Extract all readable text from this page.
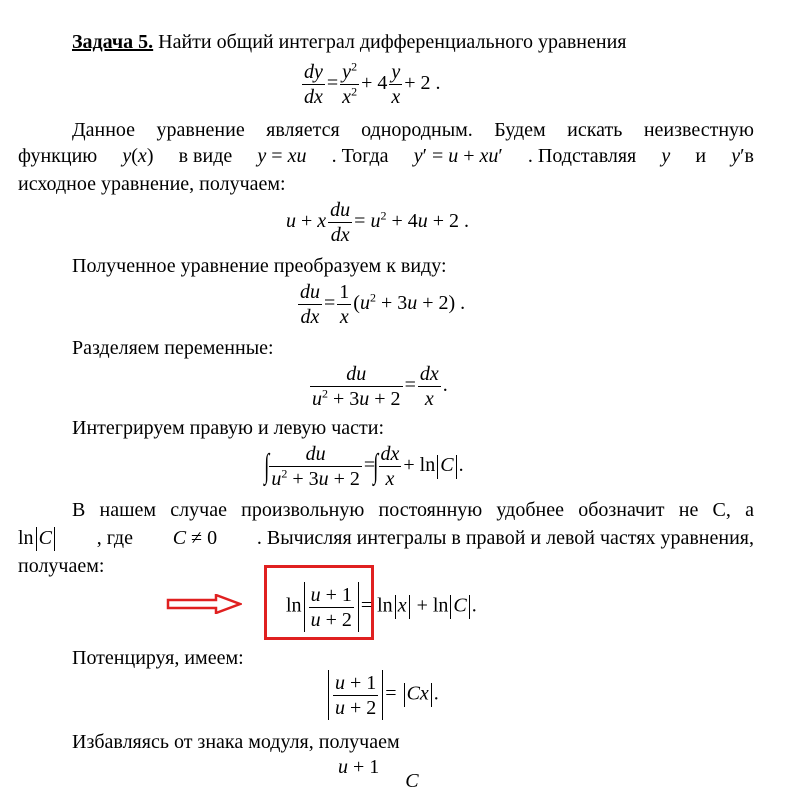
Задача 5. Найти общий интеграл дифференциального уравнения
$\frac{dy}{dx} = \frac{y^2}{x^2} + 4 \frac{y}{x} + 2$ .
Данное уравнение является однородным. Будем искать неизвестную
функцию y(x) в виде y = xu . Тогда y′ = u + xu′ . Подставляя y и y′в
исходное уравнение, получаем:
u + x $\frac{du}{dx} = u^2 + 4u + 2$ .
Полученное уравнение преобразуем к виду:
$\frac{du}{dx} = \frac{1}{x} (u^2 + 3u + 2)$ .
Разделяем переменные:
$\frac{du}{u^2 + 3u + 2} = \frac{dx}{x}$ .
Интегрируем правую и левую части:
∫ $\frac{du}{u^2 + 3u + 2}$ =∫ $\frac{dx}{x} + \ln C$ .
В нашем случае произвольную постоянную удобнее обозначит не С, а
ln C , где C ≠ 0 . Вычисляя интегралы в правой и левой частях уравнения,
получаем:
$\ln \frac{u + 1}{u + 2} = \ln x + \ln C$ .
Потенцируя, имеем:
$\frac{u + 1}{u + 2} = Cx$ .
Избавляясь от знака модуля, получаем
u + 1C
